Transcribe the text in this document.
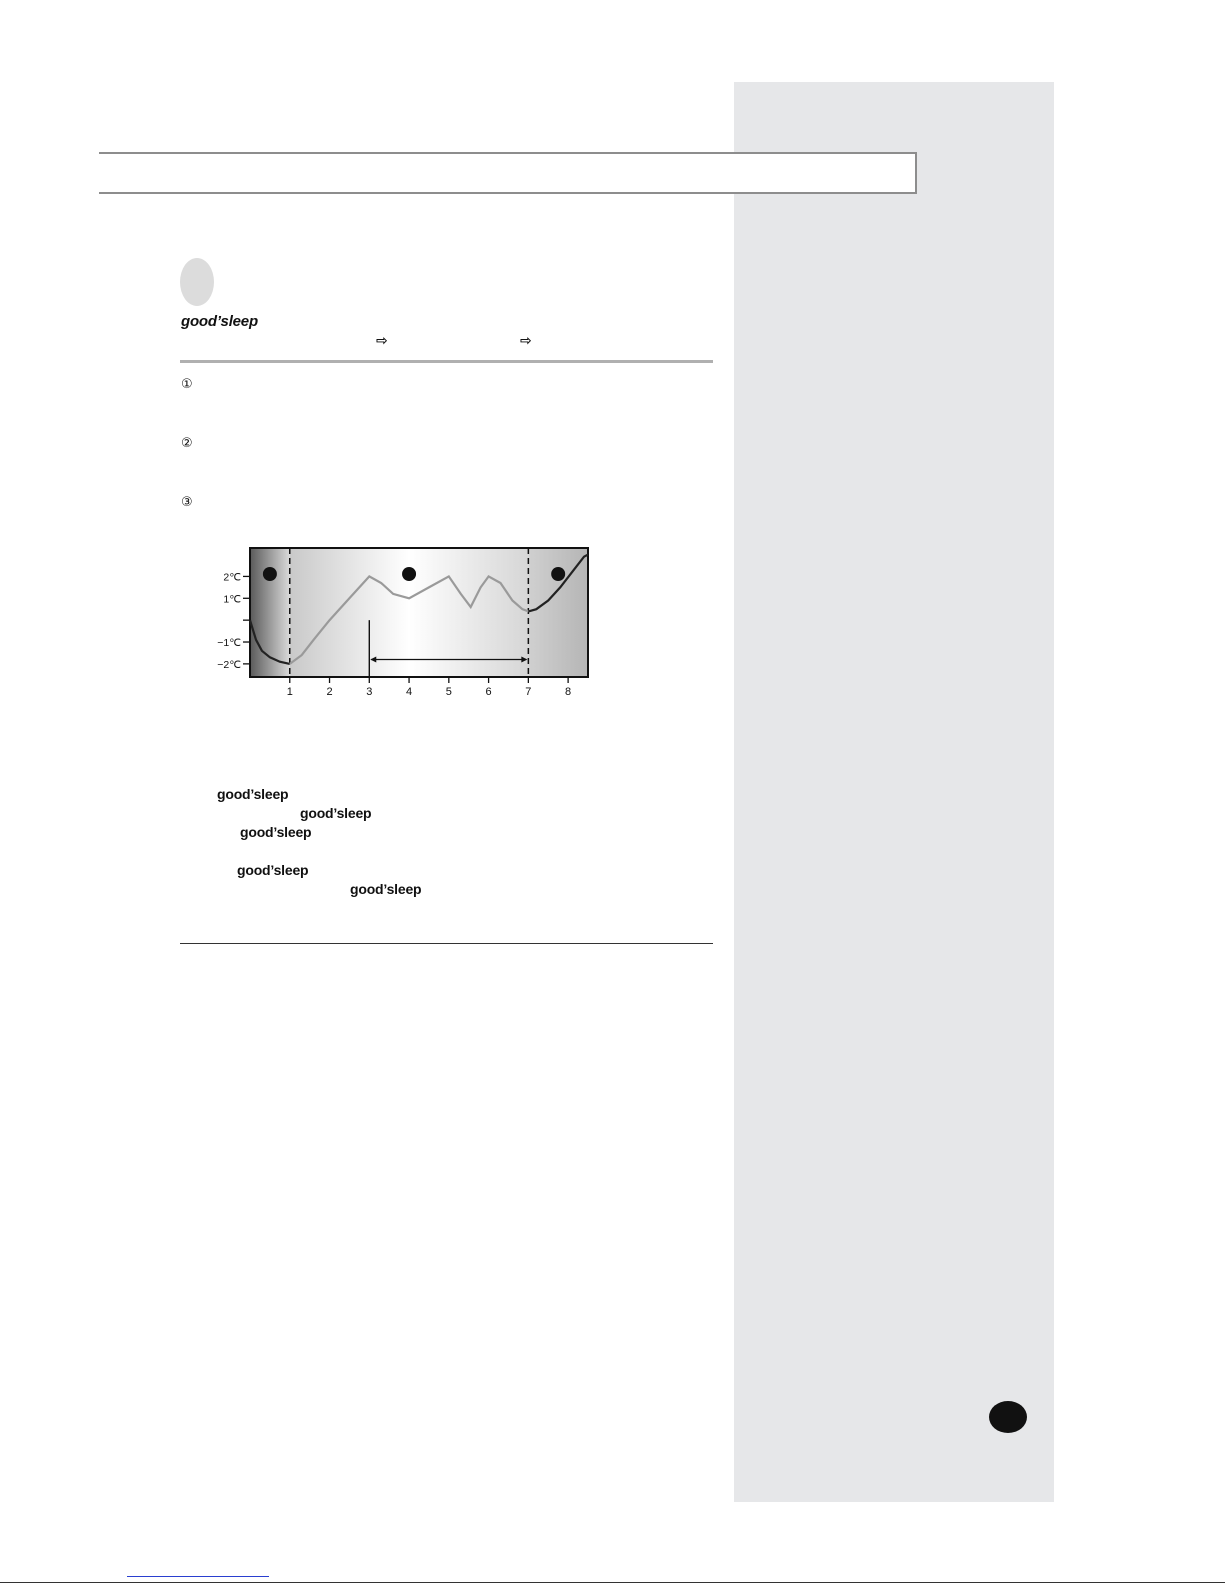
good’sleep
⇨	⇨
①
②
③
2℃
1℃
−1℃
−2℃
1	2	3	4	5	6	7	8
good’sleep
good’sleep
good’sleep
good’sleep
good’sleep
